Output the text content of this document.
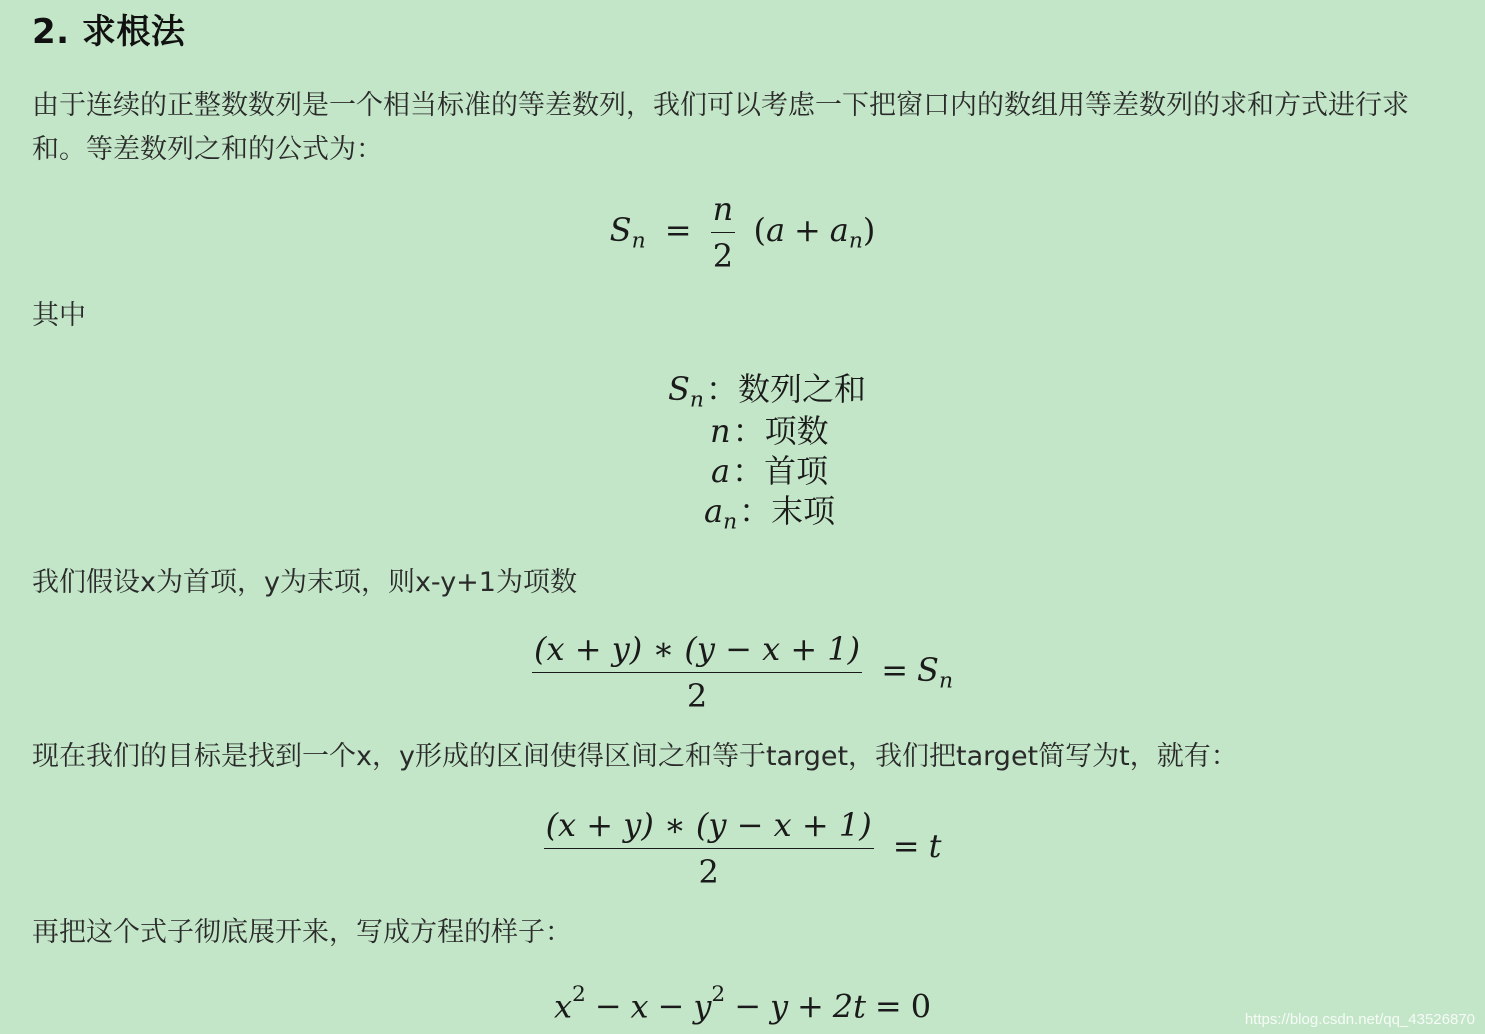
2. 求根法

由于连续的正整数数列是一个相当标准的等差数列，我们可以考虑一下把窗口内的数组用等差数列的求和方式进行求
和。等差数列之和的公式为：

$S_n = \frac{n}{2} (a + a_n)$

其中

$S_n$：数列之和
n：项数
a：首项
$a_n$：末项

我们假设x为首项，y为末项，则x-y+1为项数

$\frac{(x + y) ∗ (y - x + 1)}{2} = S_n$

现在我们的目标是找到一个x，y形成的区间使得区间之和等于target，我们把target简写为t，就有：

$\frac{(x + y) ∗ (y - x + 1)}{2} = t$

再把这个式子彻底展开来，写成方程的样子：

$x^2 - x - y^2 - y + 2t = 0$	https://blog.csdn.net/qq_43526870
